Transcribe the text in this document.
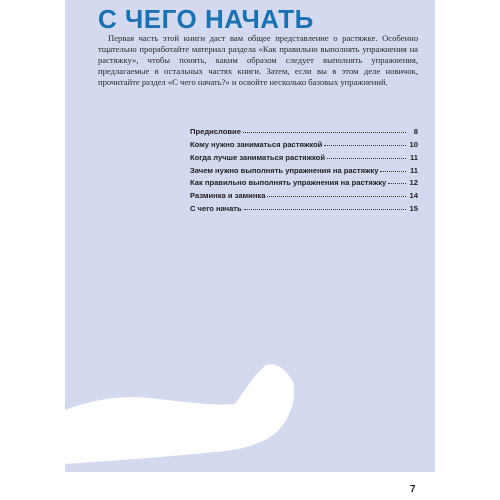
С ЧЕГО НАЧАТЬ

Первая часть этой книги даст вам общее представление о растяжке. Особенно тщательно проработайте материал раздела «Как правильно выполнять упражнения на растяжку», чтобы понять, каким образом следует выполнять упражнения, предлагаемые в остальных частях книги. Затем, если вы в этом деле новичок, прочитайте раздел «С чего начать?» и освойте несколько базовых упражнений.

Предисловие	8
Кому нужно заниматься растяжкой	10
Когда лучше заниматься растяжкой	11
Зачем нужно выполнять упражнения на растяжку	11
Как правильно выполнять упражнения на растяжку	12
Разминка и заминка	14
С чего начать	15
7
